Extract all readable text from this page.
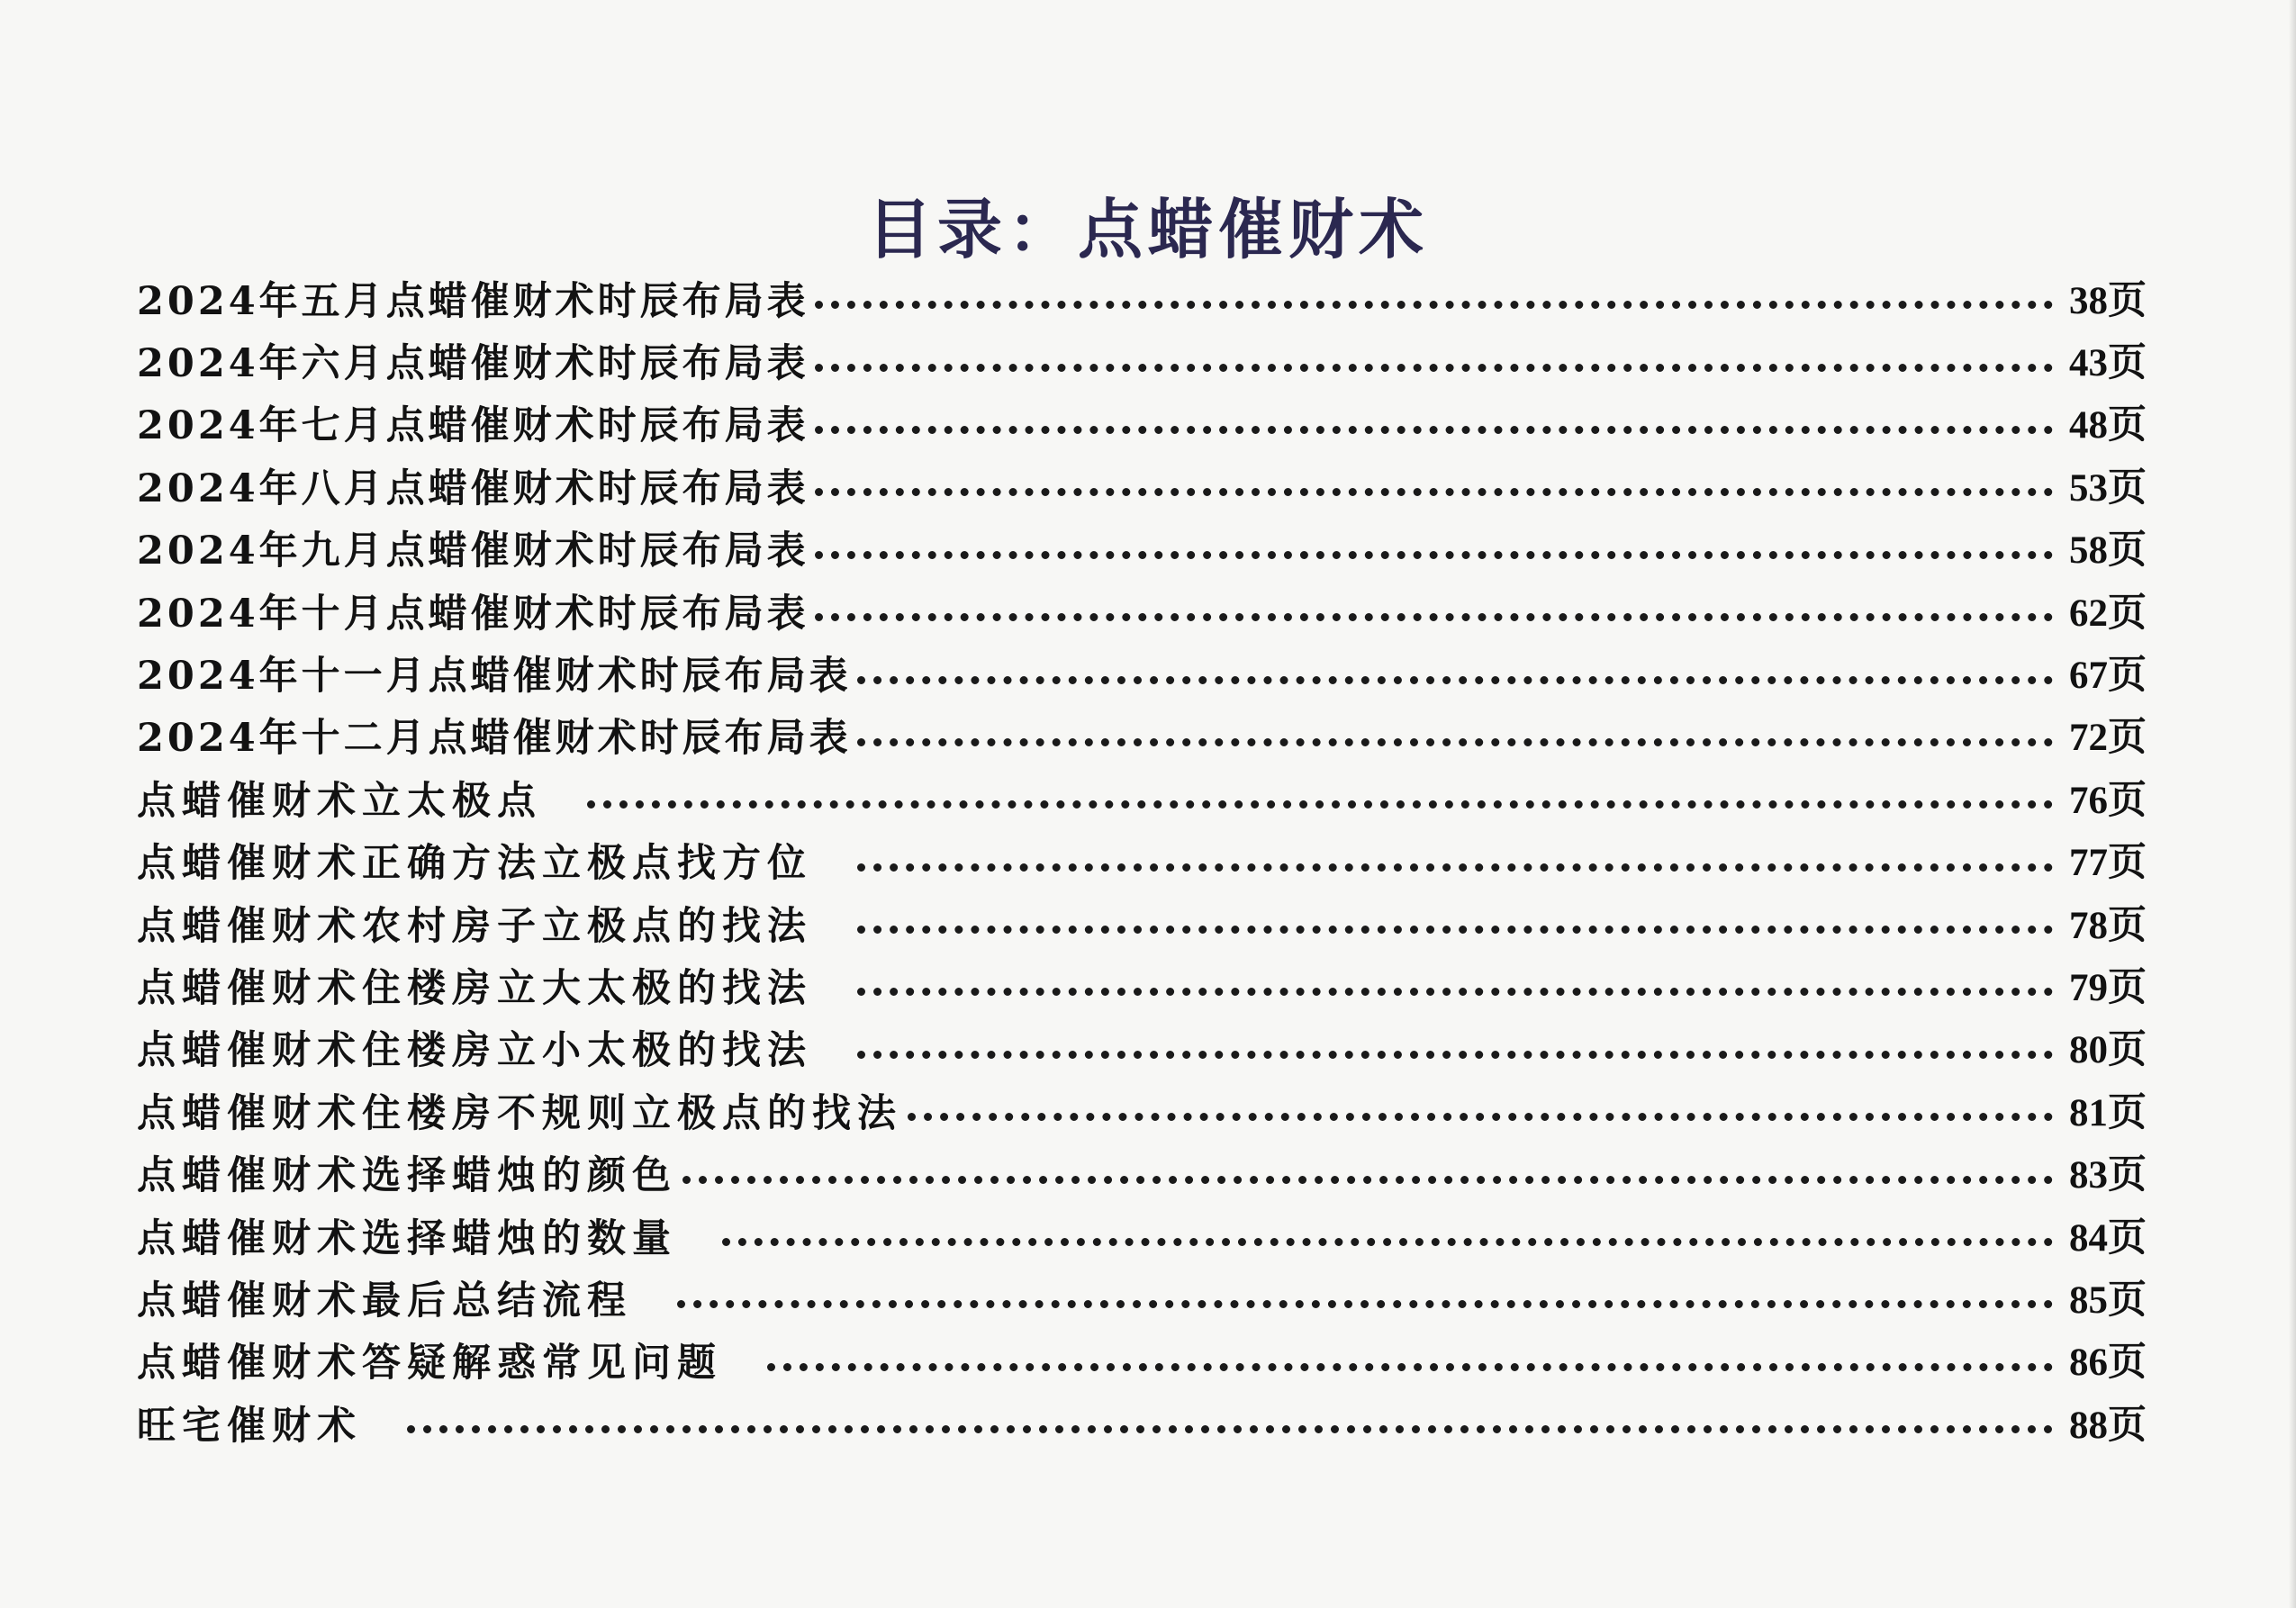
目录：点蜡催财术
2024年五月点蜡催财术时辰布局表	38页
2024年六月点蜡催财术时辰布局表	43页
2024年七月点蜡催财术时辰布局表	48页
2024年八月点蜡催财术时辰布局表	53页
2024年九月点蜡催财术时辰布局表	58页
2024年十月点蜡催财术时辰布局表	62页
2024年十一月点蜡催财术时辰布局表	67页
2024年十二月点蜡催财术时辰布局表	72页
点蜡催财术立太极点	76页
点蜡催财术正确方法立极点找方位	77页
点蜡催财术农村房子立极点的找法	78页
点蜡催财术住楼房立大太极的找法	79页
点蜡催财术住楼房立小太极的找法	80页
点蜡催财术住楼房不规则立极点的找法	81页
点蜡催财术选择蜡烛的颜色	83页
点蜡催财术选择蜡烛的数量	84页
点蜡催财术最后总结流程	85页
点蜡催财术答疑解惑常见问题	86页
旺宅催财术	88页
